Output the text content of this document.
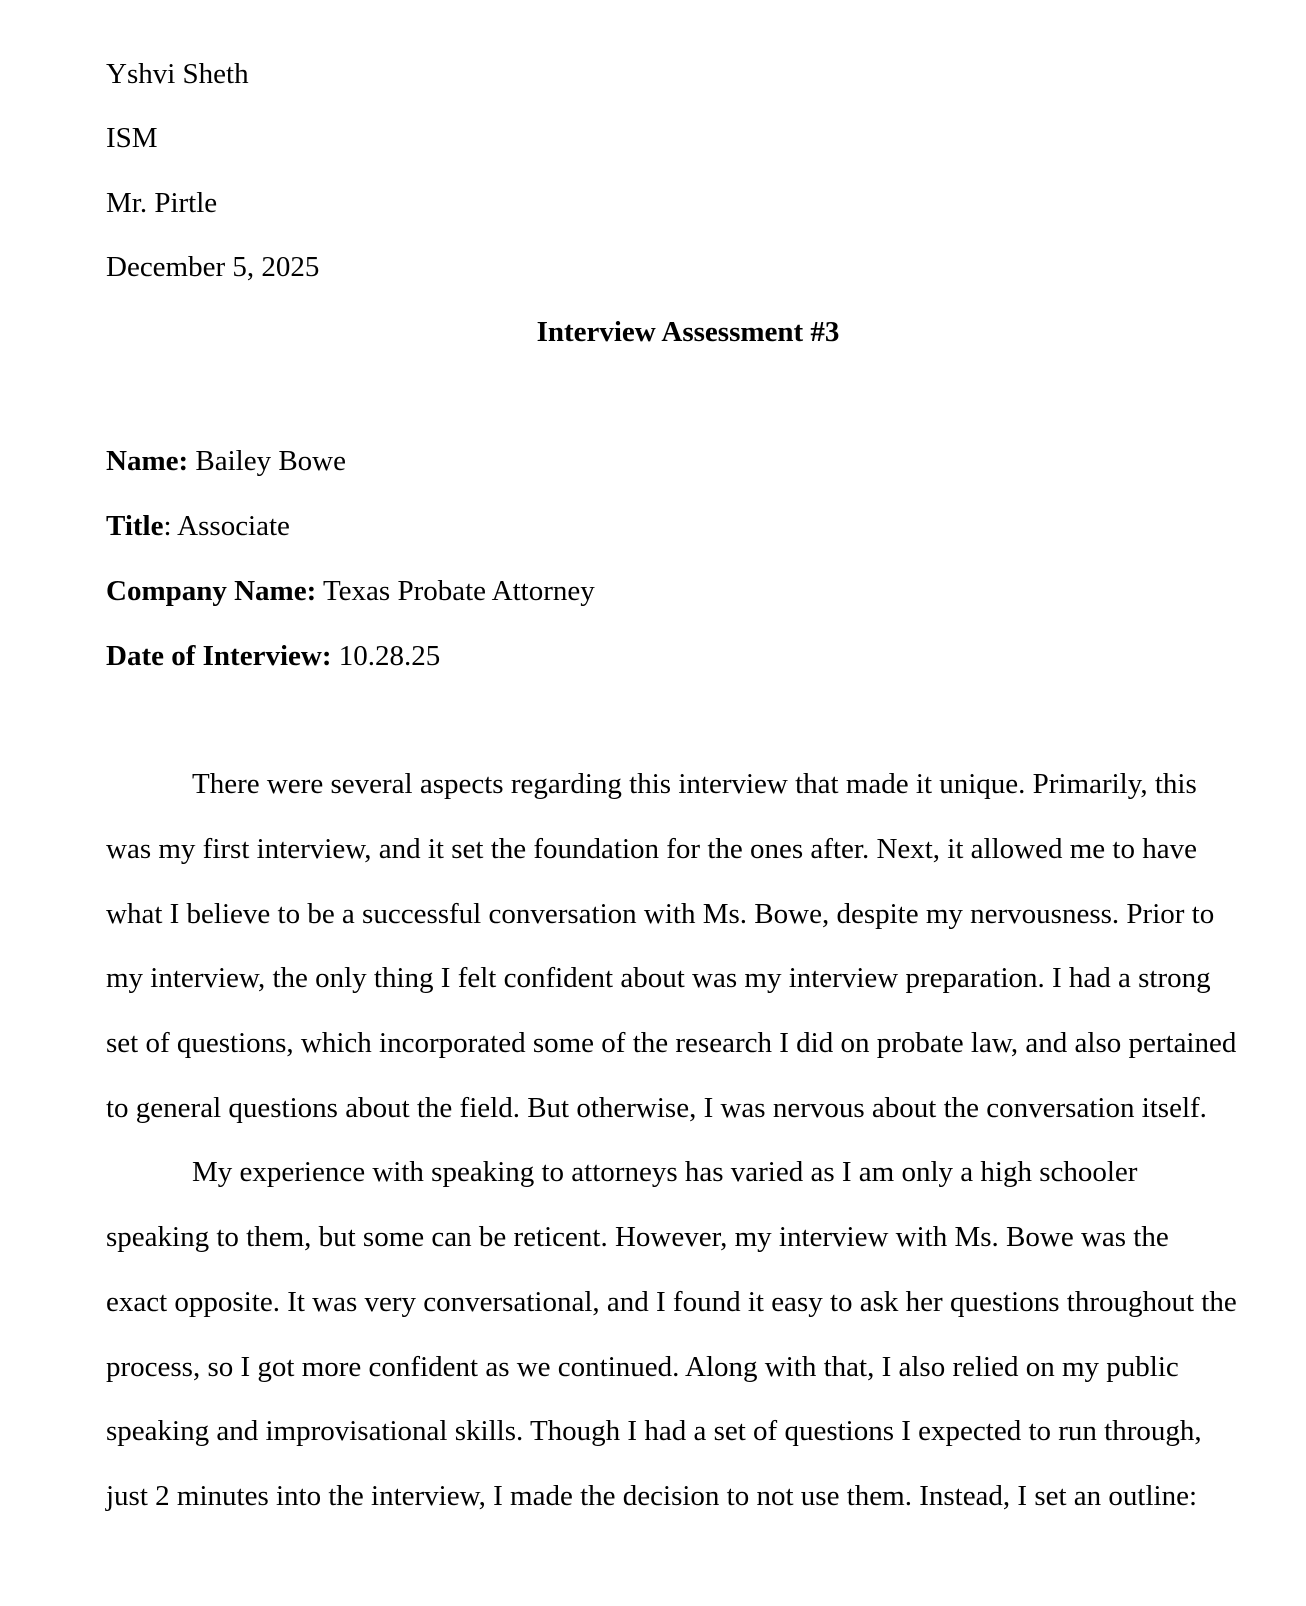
Yshvi Sheth
ISM
Mr. Pirtle
December 5, 2025
Interview Assessment #3
Name: Bailey Bowe
Title: Associate
Company Name: Texas Probate Attorney
Date of Interview: 10.28.25
There were several aspects regarding this interview that made it unique. Primarily, this
was my first interview, and it set the foundation for the ones after. Next, it allowed me to have
what I believe to be a successful conversation with Ms. Bowe, despite my nervousness. Prior to
my interview, the only thing I felt confident about was my interview preparation. I had a strong
set of questions, which incorporated some of the research I did on probate law, and also pertained
to general questions about the field. But otherwise, I was nervous about the conversation itself.
My experience with speaking to attorneys has varied as I am only a high schooler
speaking to them, but some can be reticent. However, my interview with Ms. Bowe was the
exact opposite. It was very conversational, and I found it easy to ask her questions throughout the
process, so I got more confident as we continued. Along with that, I also relied on my public
speaking and improvisational skills. Though I had a set of questions I expected to run through,
just 2 minutes into the interview, I made the decision to not use them. Instead, I set an outline:
